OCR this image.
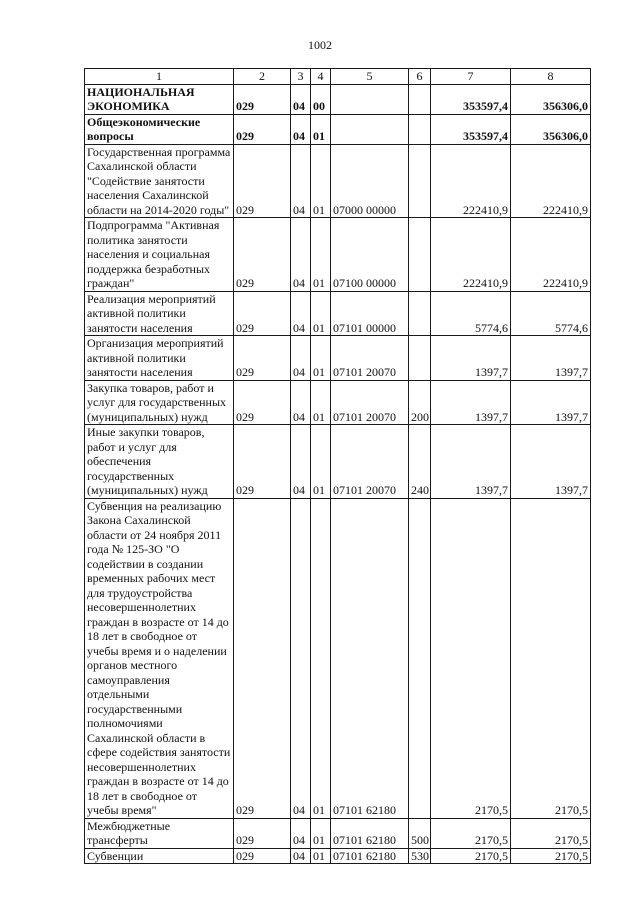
1002
1	2	3	4	5	6	7	8
НАЦИОНАЛЬНАЯ ЭКОНОМИКА	029	04	00			353597,4	356306,0
Общеэкономические вопросы	029	04	01			353597,4	356306,0
Государственная программа Сахалинской области "Содействие занятости населения Сахалинской области на 2014-2020 годы"	029	04	01	07000 00000		222410,9	222410,9
Подпрограмма "Активная политика занятости населения и социальная поддержка безработных граждан"	029	04	01	07100 00000		222410,9	222410,9
Реализация мероприятий активной политики занятости населения	029	04	01	07101 00000		5774,6	5774,6
Организация мероприятий активной политики занятости населения	029	04	01	07101 20070		1397,7	1397,7
Закупка товаров, работ и услуг для государственных (муниципальных) нужд	029	04	01	07101 20070	200	1397,7	1397,7
Иные закупки товаров, работ и услуг для обеспечения государственных (муниципальных) нужд	029	04	01	07101 20070	240	1397,7	1397,7
Субвенция на реализацию Закона Сахалинской области от 24 ноября 2011 года № 125-ЗО "О содействии в создании временных рабочих мест для трудоустройства несовершеннолетних граждан в возрасте от 14 до 18 лет в свободное от учебы время и о наделении органов местного самоуправления отдельными государственными полномочиями Сахалинской области в сфере содействия занятости несовершеннолетних граждан в возрасте от 14 до 18 лет в свободное от учебы время"	029	04	01	07101 62180		2170,5	2170,5
Межбюджетные трансферты	029	04	01	07101 62180	500	2170,5	2170,5
Субвенции	029	04	01	07101 62180	530	2170,5	2170,5
